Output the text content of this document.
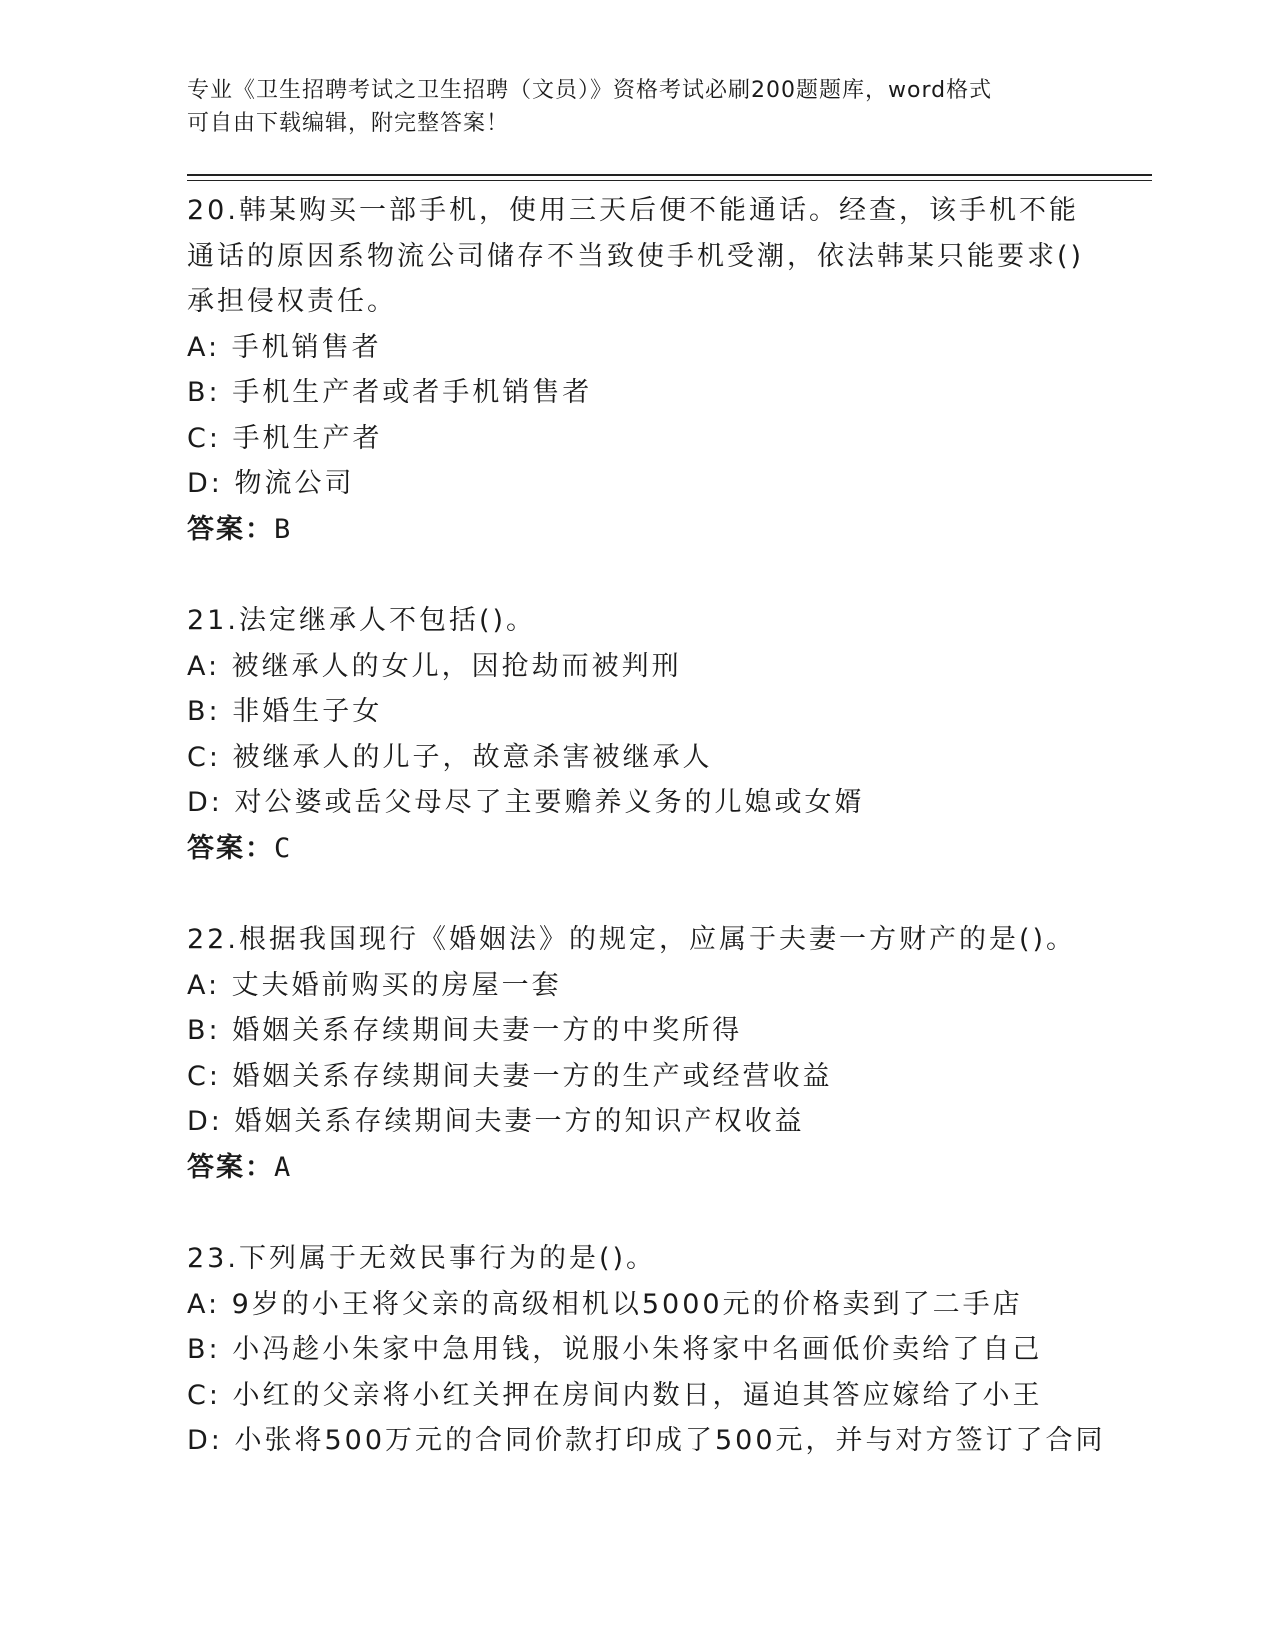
专业《卫生招聘考试之卫生招聘（文员）》资格考试必刷200题题库，word格式
可自由下载编辑，附完整答案！
20.韩某购买一部手机，使用三天后便不能通话。经查，该手机不能通话的原因系物流公司储存不当致使手机受潮，依法韩某只能要求()承担侵权责任。
A: 手机销售者
B: 手机生产者或者手机销售者
C: 手机生产者
D: 物流公司
答案：B
21.法定继承人不包括()。
A: 被继承人的女儿，因抢劫而被判刑
B: 非婚生子女
C: 被继承人的儿子，故意杀害被继承人
D: 对公婆或岳父母尽了主要赡养义务的儿媳或女婿
答案：C
22.根据我国现行《婚姻法》的规定，应属于夫妻一方财产的是()。
A: 丈夫婚前购买的房屋一套
B: 婚姻关系存续期间夫妻一方的中奖所得
C: 婚姻关系存续期间夫妻一方的生产或经营收益
D: 婚姻关系存续期间夫妻一方的知识产权收益
答案：A
23.下列属于无效民事行为的是()。
A: 9岁的小王将父亲的高级相机以5000元的价格卖到了二手店
B: 小冯趁小朱家中急用钱，说服小朱将家中名画低价卖给了自己
C: 小红的父亲将小红关押在房间内数日，逼迫其答应嫁给了小王
D: 小张将500万元的合同价款打印成了500元，并与对方签订了合同
